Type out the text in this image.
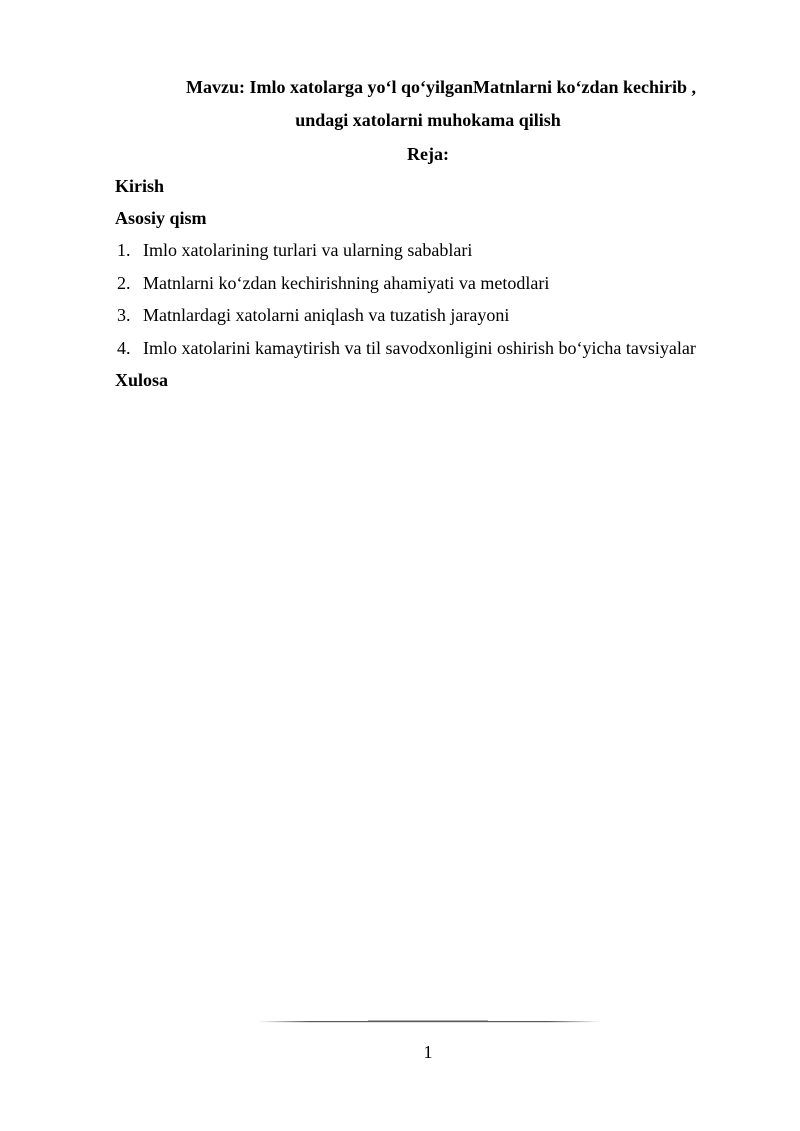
Mavzu: Imlo xatolarga yo‘l qo‘yilganMatnlarni ko‘zdan kechirib ,
undagi xatolarni muhokama qilish
Reja:
Kirish
Asosiy qism
1. Imlo xatolarining turlari va ularning sabablari
2. Matnlarni ko‘zdan kechirishning ahamiyati va metodlari
3. Matnlardagi xatolarni aniqlash va tuzatish jarayoni
4. Imlo xatolarini kamaytirish va til savodxonligini oshirish bo‘yicha tavsiyalar
Xulosa
1
